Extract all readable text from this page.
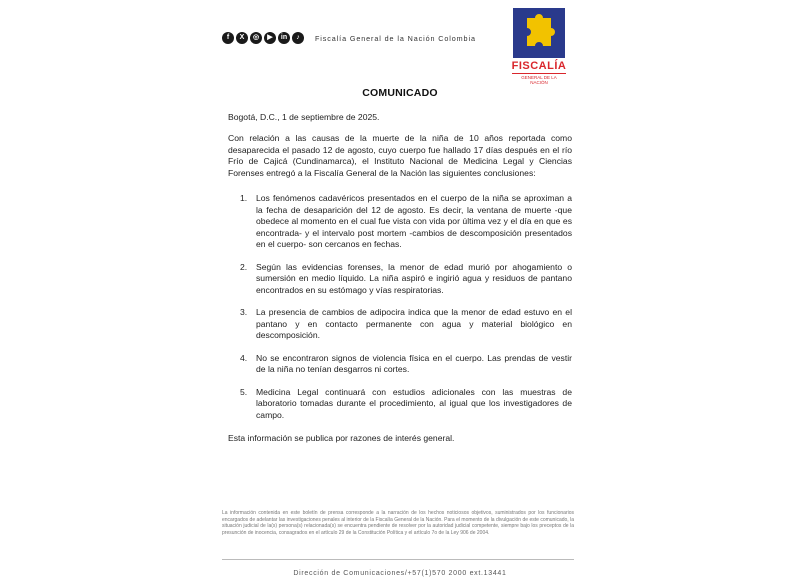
f	X	◎	▶	in	♪	Fiscalía General de la Nación Colombia
FISCALÍA
GENERAL DE LA NACIÓN
COMUNICADO
Bogotá, D.C., 1 de septiembre de 2025.
Con relación a las causas de la muerte de la niña de 10 años reportada como desaparecida el pasado 12 de agosto, cuyo cuerpo fue hallado 17 días después en el río Frío de Cajicá (Cundinamarca), el Instituto Nacional de Medicina Legal y Ciencias Forenses entregó a la Fiscalía General de la Nación las siguientes conclusiones:
1. Los fenómenos cadavéricos presentados en el cuerpo de la niña se aproximan a la fecha de desaparición del 12 de agosto. Es decir, la ventana de muerte -que obedece al momento en el cual fue vista con vida por última vez y el día en que es encontrada- y el intervalo post mortem -cambios de descomposición presentados en el cuerpo- son cercanos en fechas.
2. Según las evidencias forenses, la menor de edad murió por ahogamiento o sumersión en medio líquido. La niña aspiró e ingirió agua y residuos de pantano encontrados en su estómago y vías respiratorias.
3. La presencia de cambios de adipocira indica que la menor de edad estuvo en el pantano y en contacto permanente con agua y material biológico en descomposición.
4. No se encontraron signos de violencia física en el cuerpo. Las prendas de vestir de la niña no tenían desgarros ni cortes.
5. Medicina Legal continuará con estudios adicionales con las muestras de laboratorio tomadas durante el procedimiento, al igual que los investigadores de campo.
Esta información se publica por razones de interés general.
La información contenida en este boletín de prensa corresponde a la narración de los hechos noticiosos objetivos, suministrados por los funcionarios encargados de adelantar las investigaciones penales al interior de la Fiscalía General de la Nación. Para el momento de la divulgación de este comunicado, la situación judicial de la(s) persona(s) relacionada(s) se encuentra pendiente de resolver por la autoridad judicial competente, siempre bajo los preceptos de la presunción de inocencia, consagrados en el artículo 29 de la Constitución Política y el artículo 7o de la Ley 906 de 2004.
Dirección de Comunicaciones/+57(1)570 2000 ext.13441
